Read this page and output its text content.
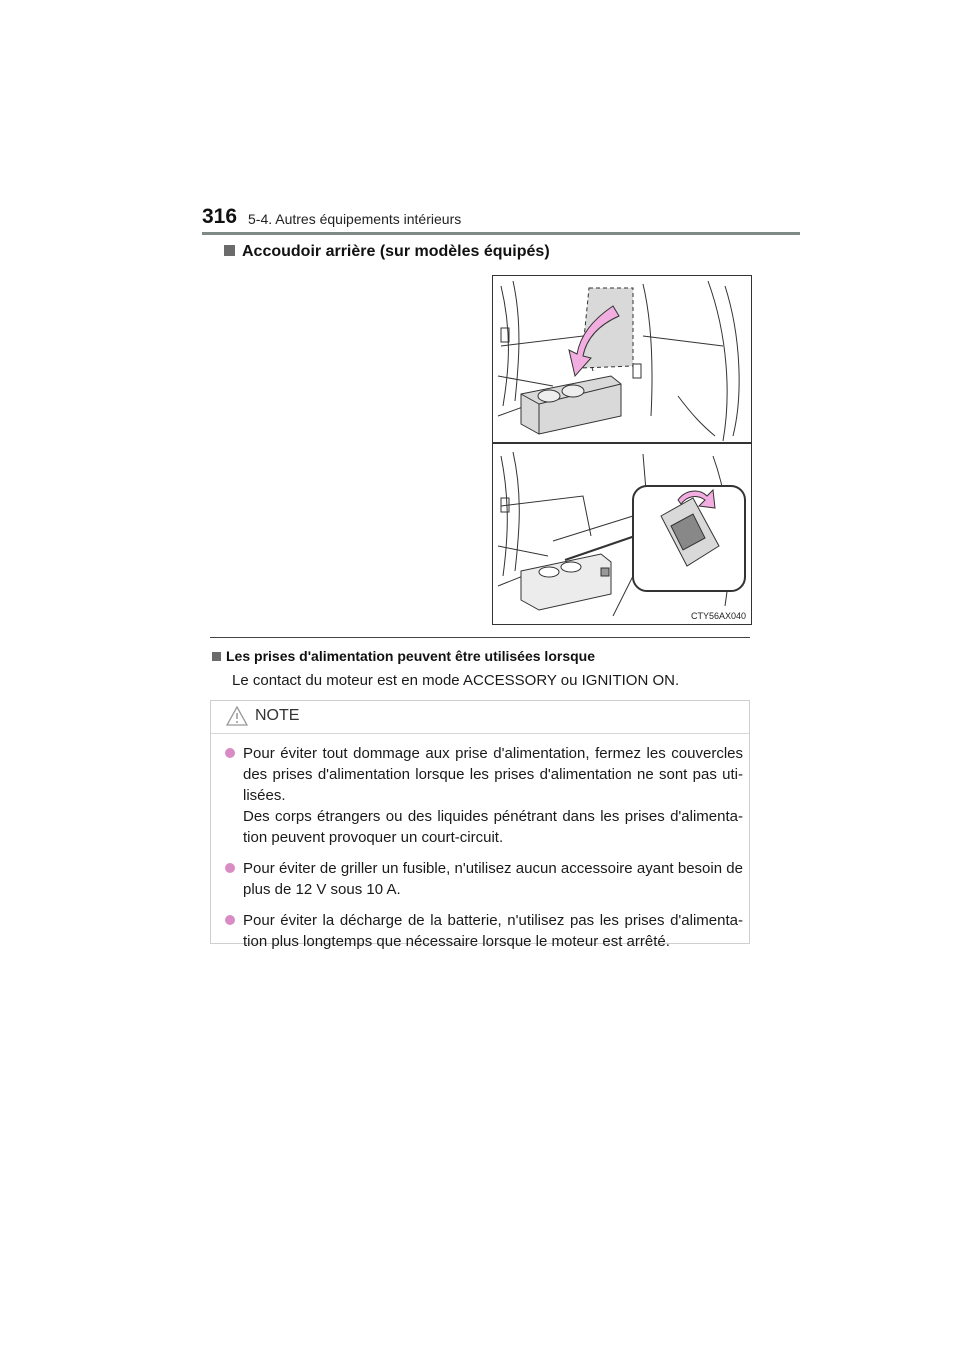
316 5-4. Autres équipements intérieurs
Accoudoir arrière (sur modèles équipés)
CTY56AX040
Les prises d'alimentation peuvent être utilisées lorsque
Le contact du moteur est en mode ACCESSORY ou IGNITION ON.
NOTE
Pour éviter tout dommage aux prise d'alimentation, fermez les couvercles des prises d'alimentation lorsque les prises d'alimentation ne sont pas uti-lisées.
Des corps étrangers ou des liquides pénétrant dans les prises d'alimenta-tion peuvent provoquer un court-circuit.
Pour éviter de griller un fusible, n'utilisez aucun accessoire ayant besoin de plus de 12 V sous 10 A.
Pour éviter la décharge de la batterie, n'utilisez pas les prises d'alimenta-tion plus longtemps que nécessaire lorsque le moteur est arrêté.
